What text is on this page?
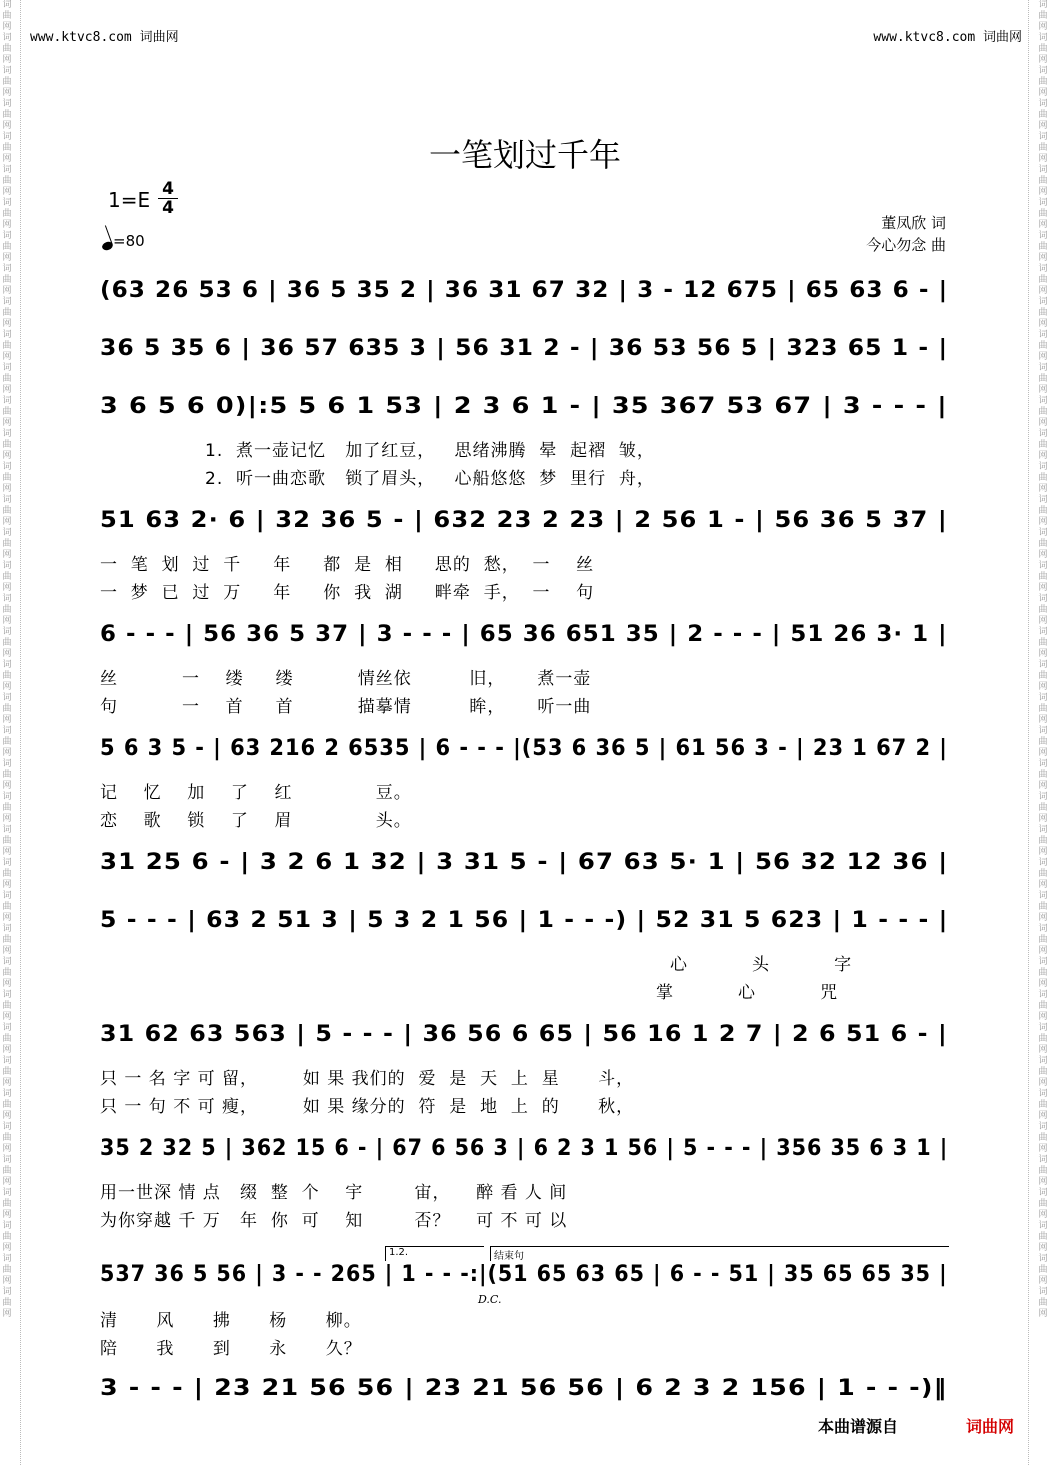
词曲网词曲网词曲网词曲网词曲网词曲网词曲网词曲网词曲网词曲网词曲网词曲网词曲网词曲网词曲网词曲网词曲网词曲网词曲网词曲网词曲网词曲网词曲网词曲网词曲网词曲网词曲网词曲网词曲网词曲网词曲网词曲网词曲网词曲网词曲网词曲网词曲网词曲网词曲网词曲网
词曲网词曲网词曲网词曲网词曲网词曲网词曲网词曲网词曲网词曲网词曲网词曲网词曲网词曲网词曲网词曲网词曲网词曲网词曲网词曲网词曲网词曲网词曲网词曲网词曲网词曲网词曲网词曲网词曲网词曲网词曲网词曲网词曲网词曲网词曲网词曲网词曲网词曲网词曲网词曲网
www.ktvc8.com 词曲网	www.ktvc8.com 词曲网
一笔划过千年
1=E 4
4
=80
董凤欣 词
今心勿念 曲
(63 26 53 6 | 36 5 35 2 | 36 31 67 32 | 3 - 12 675 | 65 63 6 - |
36 5 35 6 | 36 57 635 3 | 56 31 2 - | 36 53 56 5 | 323 65 1 - |
3 6 5 6 0)|:5 5 6 1 53 | 2 3 6 1 - | 35 367 53 67 | 3 - - - |
1.  煮一壶记忆   加了红豆，   思绪沸腾  晕  起褶  皱，
2.  听一曲恋歌   锁了眉头，   心船悠悠  梦  里行  舟，
51 63 2· 6 | 32 36 5 - | 632 23 2 23 | 2 56 1 - | 56 36 5 37 |
一  笔  划  过  千     年     都  是  相     思的  愁，  一    丝
一  梦  已  过  万     年     你  我  湖     畔牵  手，  一    句
6 - - - | 56 36 5 37 | 3 - - - | 65 36 651 35 | 2 - - - | 51 26 3· 1 |
丝          一    缕     缕          情丝依         旧，     煮一壶
句          一    首     首          描摹情         眸，     听一曲
5 6 3 5 - | 63 216 2 6535 | 6 - - - |(53 6 36 5 | 61 56 3 - | 23 1 67 2 |
记    忆    加    了    红             豆。
恋    歌    锁    了    眉             头。
31 25 6 - | 3 2 6 1 32 | 3 31 5 - | 67 63 5· 1 | 56 32 12 36 |
5 - - - | 63 2 51 3 | 5 3 2 1 56 | 1 - - -) | 52 31 5 623 | 1 - - - |
心          头          字
掌          心          咒
31 62 63 563 | 5 - - - | 36 56 6 65 | 56 16 1 2 7 | 2 6 51 6 - |
只 一 名 字 可 留，       如 果 我们的  爱  是  天  上  星      斗，
只 一 句 不 可 瘦，       如 果 缘分的  符  是  地  上  的      秋，
35 2 32 5 | 362 15 6 - | 67 6 56 3 | 6 2 3 1 56 | 5 - - - | 356 35 6 3 1 |
用一世深 情 点   缀  整  个    宇        宙，    醉 看 人 间
为你穿越 千 万   年  你  可    知        否？    可 不 可 以
1.2.	结束句
537 36 5 56 | 3 - - 265 | 1 - - -:|(51 65 63 65 | 6 - - 51 | 35 65 65 35 |
D.C.
清      风      拂      杨      柳。
陪      我      到      永      久？
3 - - - | 23 21 56 56 | 23 21 56 56 | 6 2 3 2 156 | 1 - - -)‖
本曲谱源自	词曲网
